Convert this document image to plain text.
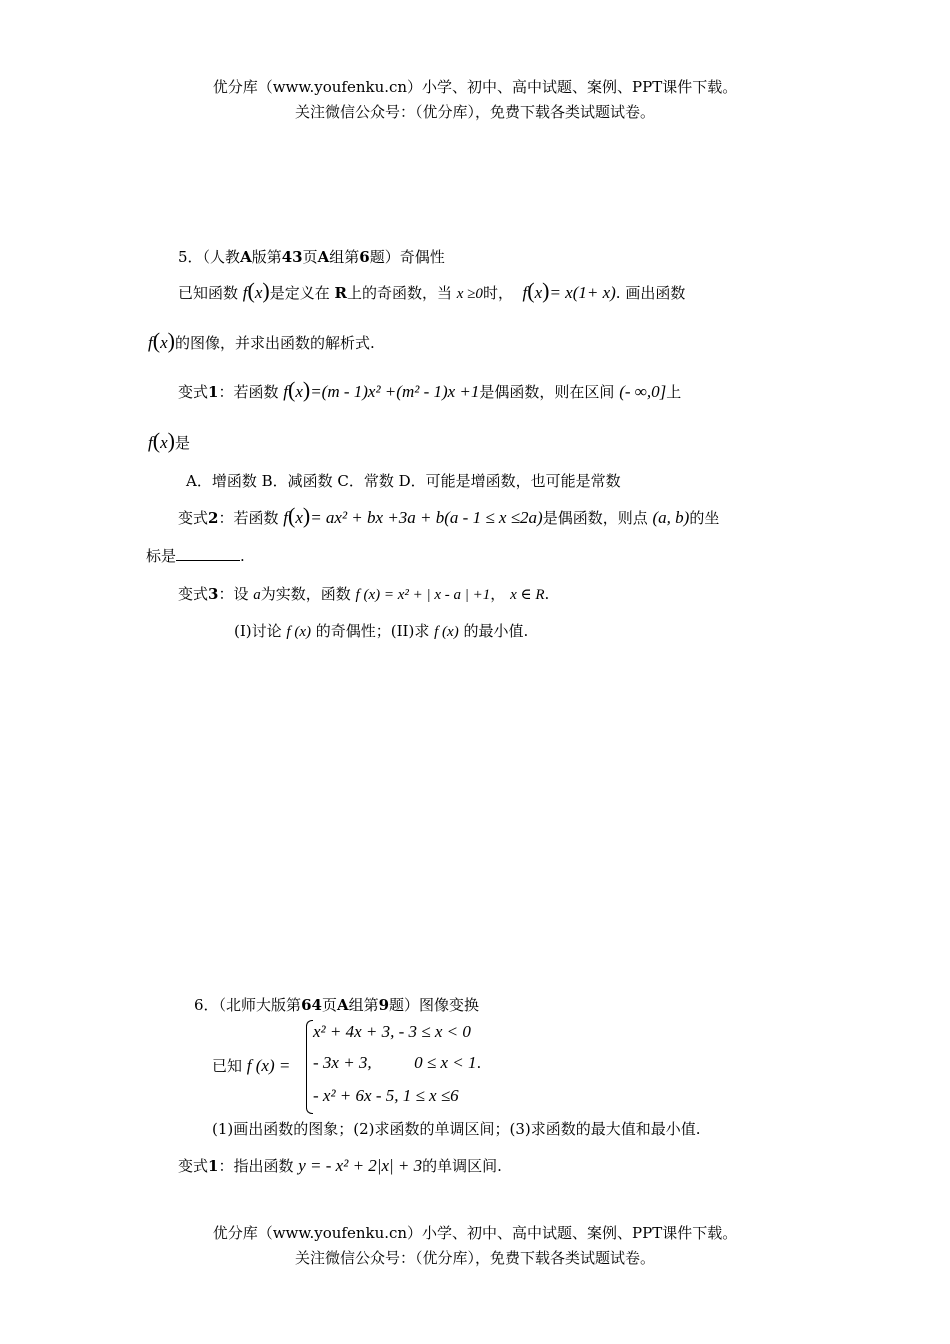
优分库（www.youfenku.cn）小学、初中、高中试题、案例、PPT课件下载。
关注微信公众号：（优分库），免费下载各类试题试卷。
5．（人教A版第43页A组第6题）奇偶性
已知函数 f(x)是定义在 R上的奇函数，当 x ≥0时， f(x)= x(1+ x). 画出函数
f(x)的图像，并求出函数的解析式.
变式1：若函数 f(x)=(m - 1)x² +(m² - 1)x +1是偶函数，则在区间 (- ∞,0]上
f(x)是
A．增函数 B．减函数 C．常数 D．可能是增函数，也可能是常数
变式2：若函数 f(x)= ax² + bx +3a + b(a - 1 ≤ x ≤2a)是偶函数，则点 (a, b)的坐
标是	.
变式3：设 a为实数，函数 f (x) = x² + | x - a | +1， x ∈ R.
(I)讨论 f (x) 的奇偶性；(II)求 f (x) 的最小值.
6．（北师大版第64页A组第9题）图像变换
已知 f (x) =
x² + 4x + 3, - 3 ≤ x < 0
- 3x + 3,          0 ≤ x < 1.
- x² + 6x - 5, 1 ≤ x ≤6
(1)画出函数的图象；(2)求函数的单调区间；(3)求函数的最大值和最小值.
变式1：指出函数 y = - x² + 2|x| + 3的单调区间.
优分库（www.youfenku.cn）小学、初中、高中试题、案例、PPT课件下载。
关注微信公众号：（优分库），免费下载各类试题试卷。
